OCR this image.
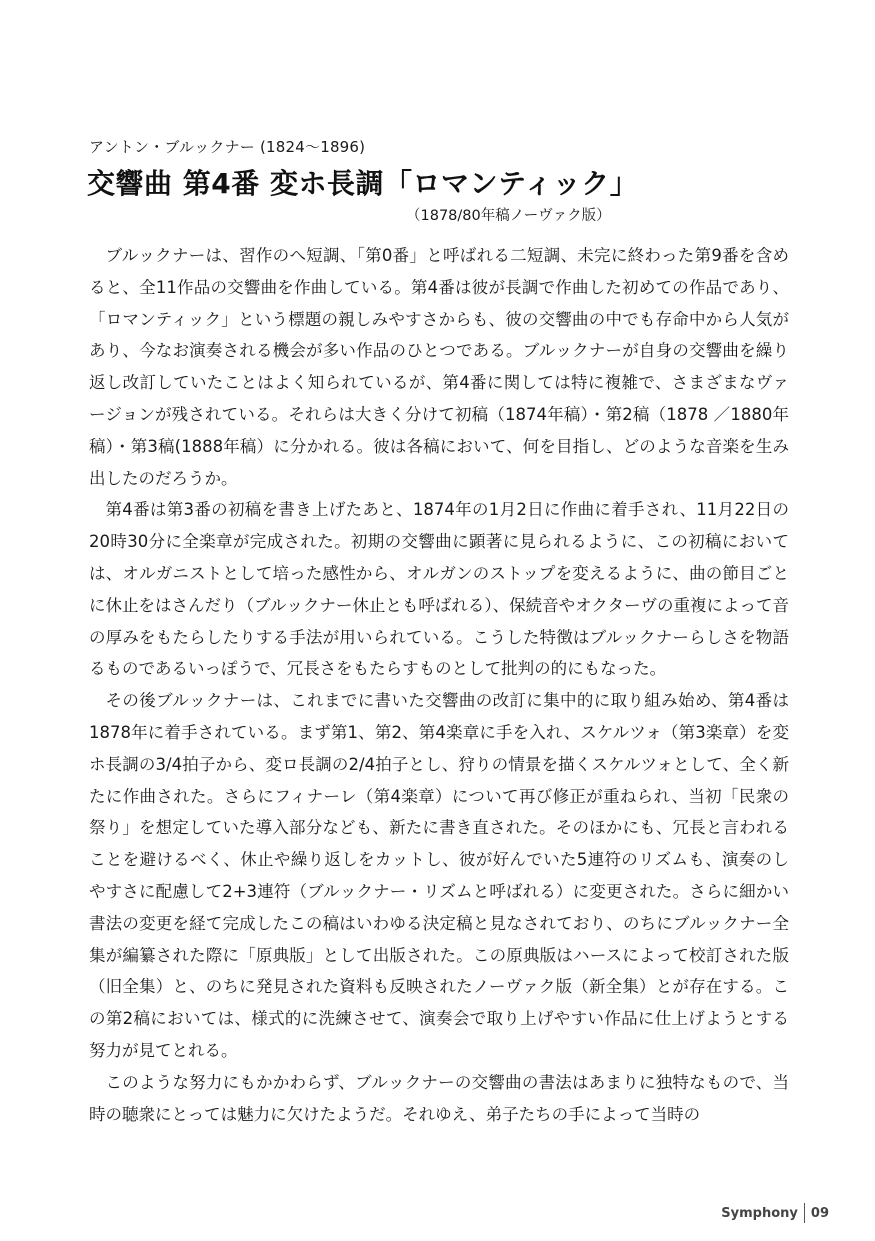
アントン・ブルックナー (1824〜1896)
交響曲 第4番 変ホ長調「ロマンティック」
（1878/80年稿ノーヴァク版）

ブルックナーは、習作のへ短調、「第0番」と呼ばれる二短調、未完に終わった第9番を含めると、全11作品の交響曲を作曲している。第4番は彼が長調で作曲した初めての作品であり、「ロマンティック」という標題の親しみやすさからも、彼の交響曲の中でも存命中から人気があり、今なお演奏される機会が多い作品のひとつである。ブルックナーが自身の交響曲を繰り返し改訂していたことはよく知られているが、第4番に関しては特に複雑で、さまざまなヴァージョンが残されている。それらは大きく分けて初稿（1874年稿）・第2稿（1878 ／1880年稿）・第3稿(1888年稿）に分かれる。彼は各稿において、何を目指し、どのような音楽を生み出したのだろうか。

第4番は第3番の初稿を書き上げたあと、1874年の1月2日に作曲に着手され、11月22日の20時30分に全楽章が完成された。初期の交響曲に顕著に見られるように、この初稿においては、オルガニストとして培った感性から、オルガンのストップを変えるように、曲の節目ごとに休止をはさんだり（ブルックナー休止とも呼ばれる）、保続音やオクターヴの重複によって音の厚みをもたらしたりする手法が用いられている。こうした特徴はブルックナーらしさを物語るものであるいっぽうで、冗長さをもたらすものとして批判の的にもなった。

その後ブルックナーは、これまでに書いた交響曲の改訂に集中的に取り組み始め、第4番は1878年に着手されている。まず第1、第2、第4楽章に手を入れ、スケルツォ（第3楽章）を変ホ長調の3/4拍子から、変ロ長調の2/4拍子とし、狩りの情景を描くスケルツォとして、全く新たに作曲された。さらにフィナーレ（第4楽章）について再び修正が重ねられ、当初「民衆の祭り」を想定していた導入部分なども、新たに書き直された。そのほかにも、冗長と言われることを避けるべく、休止や繰り返しをカットし、彼が好んでいた5連符のリズムも、演奏のしやすさに配慮して2+3連符（ブルックナー・リズムと呼ばれる）に変更された。さらに細かい書法の変更を経て完成したこの稿はいわゆる決定稿と見なされており、のちにブルックナー全集が編纂された際に「原典版」として出版された。この原典版はハースによって校訂された版（旧全集）と、のちに発見された資料も反映されたノーヴァク版（新全集）とが存在する。この第2稿においては、様式的に洗練させて、演奏会で取り上げやすい作品に仕上げようとする努力が見てとれる。

このような努力にもかかわらず、ブルックナーの交響曲の書法はあまりに独特なもので、当時の聴衆にとっては魅力に欠けたようだ。それゆえ、弟子たちの手によって当時の

Symphony 09
